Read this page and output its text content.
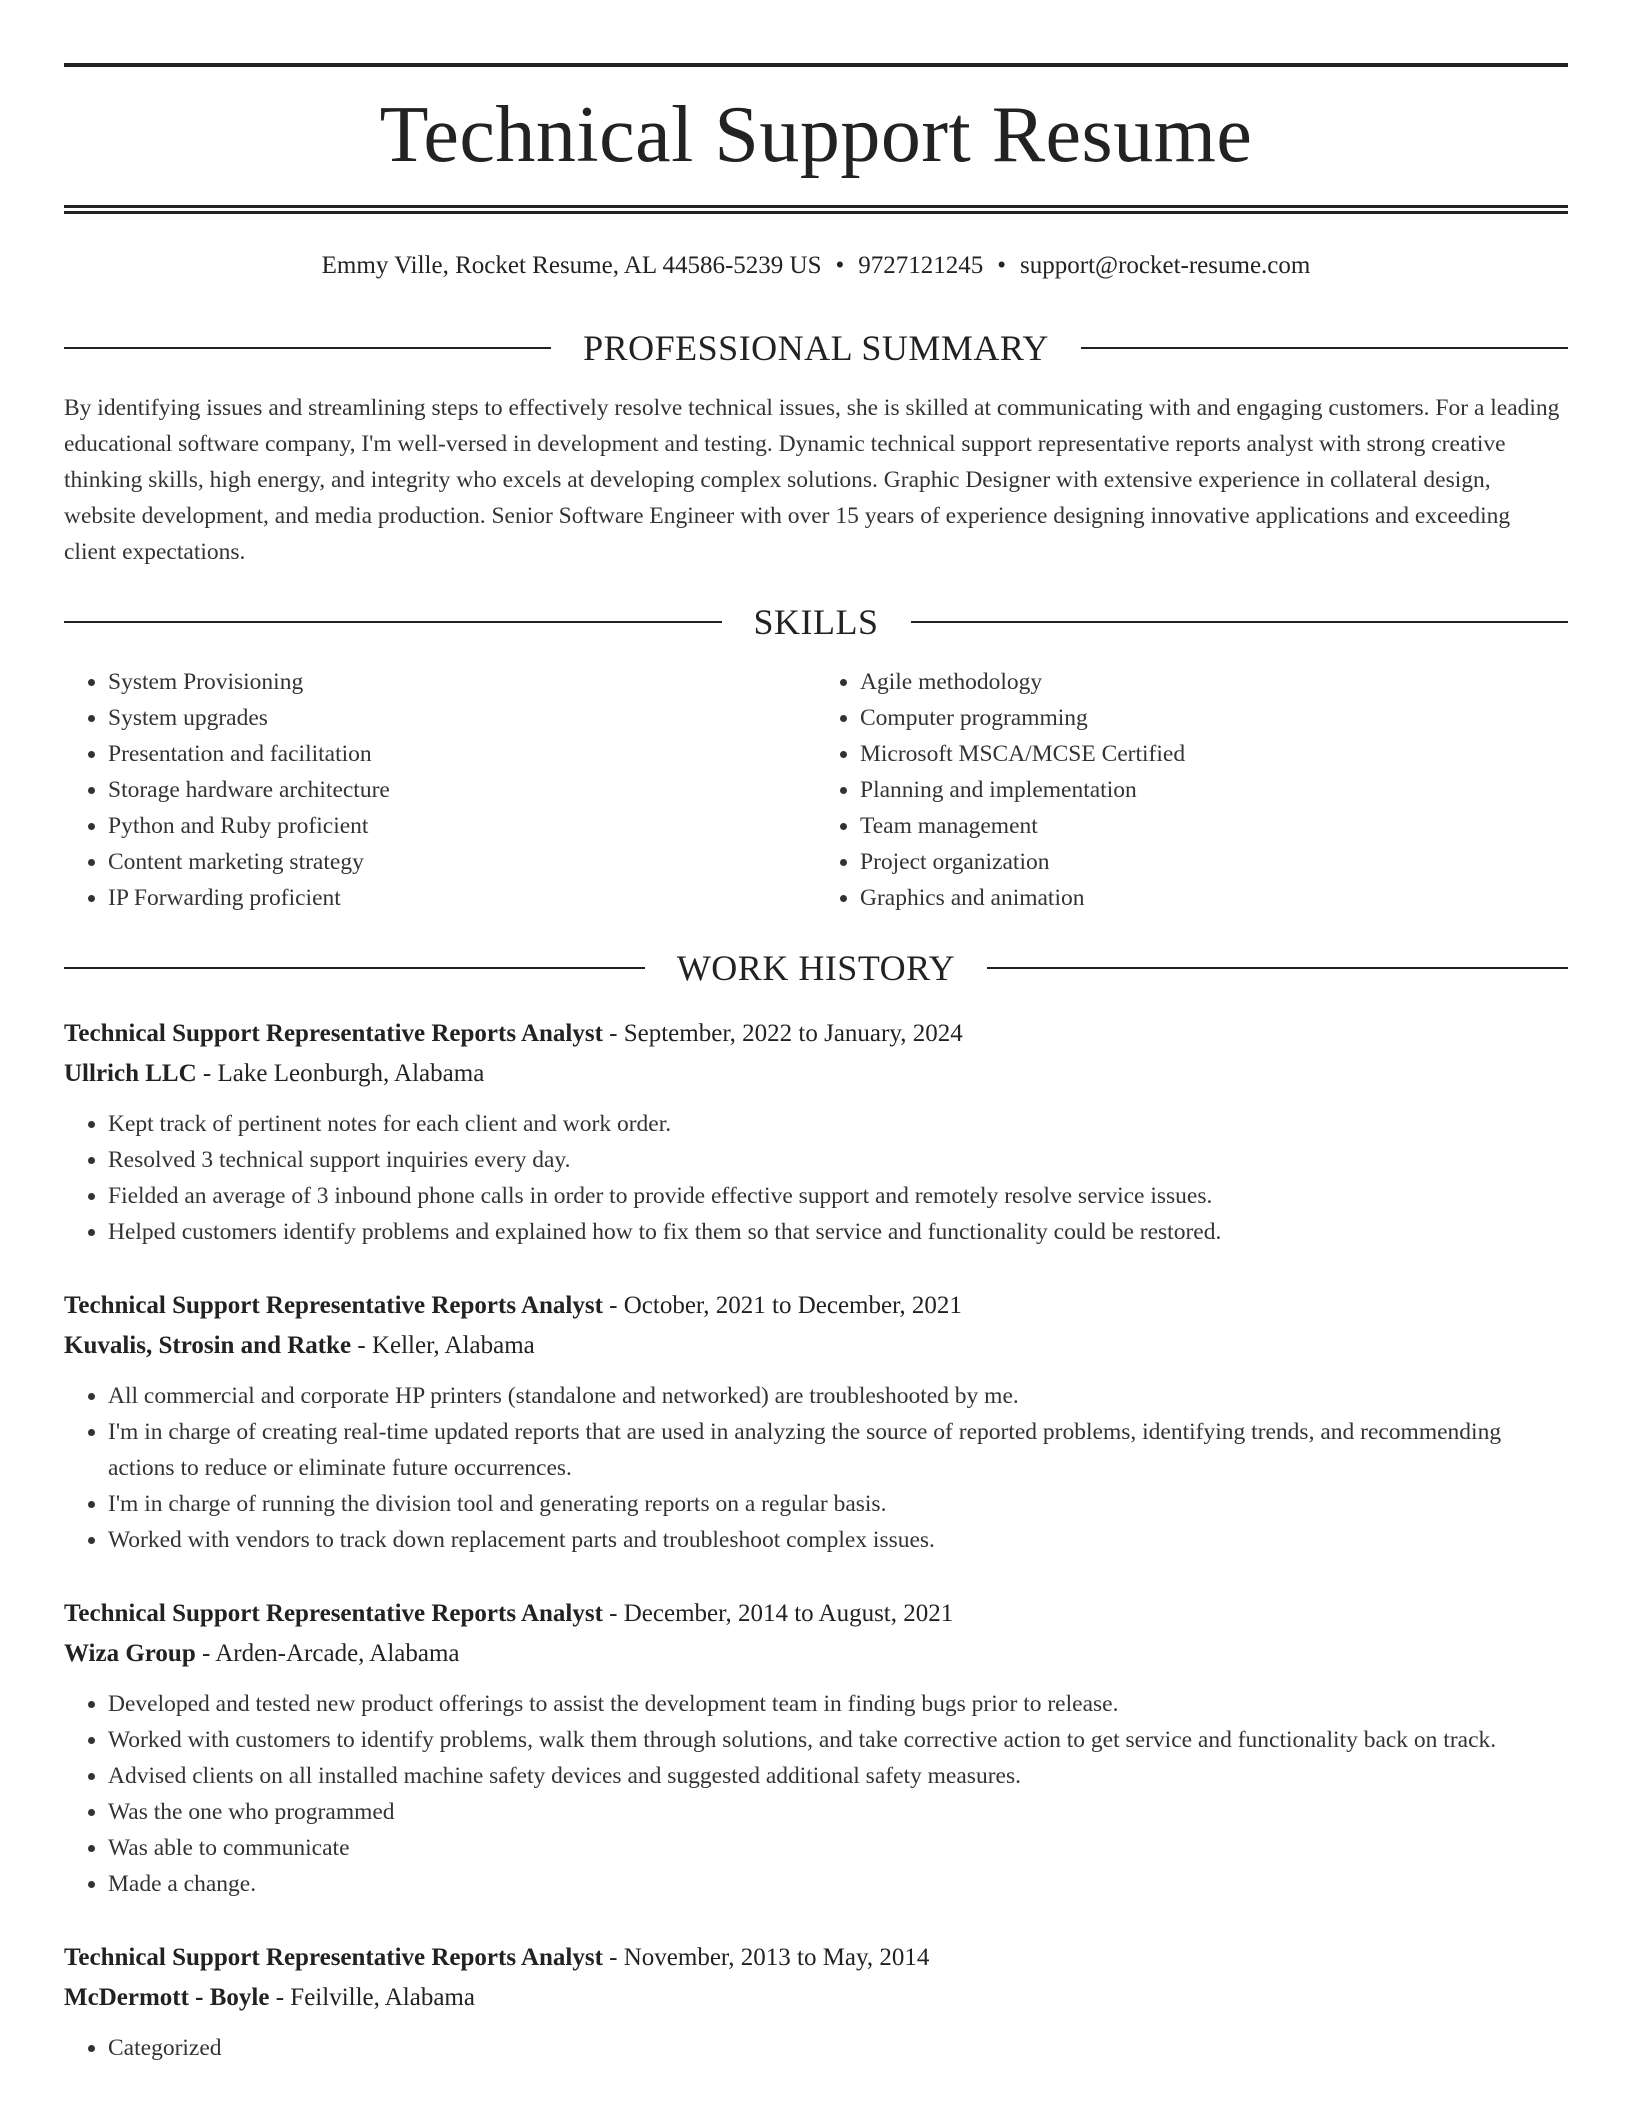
Technical Support Resume
Emmy Ville, Rocket Resume, AL 44586-5239 US • 9727121245 • support@rocket-resume.com
PROFESSIONAL SUMMARY

By identifying issues and streamlining steps to effectively resolve technical issues, she is skilled at communicating with and engaging customers. For a leading educational software company, I'm well-versed in development and testing. Dynamic technical support representative reports analyst with strong creative thinking skills, high energy, and integrity who excels at developing complex solutions. Graphic Designer with extensive experience in collateral design, website development, and media production. Senior Software Engineer with over 15 years of experience designing innovative applications and exceeding client expectations.

SKILLS
• System Provisioning
• System upgrades
• Presentation and facilitation
• Storage hardware architecture
• Python and Ruby proficient
• Content marketing strategy
• IP Forwarding proficient
• Agile methodology
• Computer programming
• Microsoft MSCA/MCSE Certified
• Planning and implementation
• Team management
• Project organization
• Graphics and animation
WORK HISTORY
Technical Support Representative Reports Analyst - September, 2022 to January, 2024
Ullrich LLC - Lake Leonburgh, Alabama
• Kept track of pertinent notes for each client and work order.
• Resolved 3 technical support inquiries every day.
• Fielded an average of 3 inbound phone calls in order to provide effective support and remotely resolve service issues.
• Helped customers identify problems and explained how to fix them so that service and functionality could be restored.
Technical Support Representative Reports Analyst - October, 2021 to December, 2021
Kuvalis, Strosin and Ratke - Keller, Alabama
• All commercial and corporate HP printers (standalone and networked) are troubleshooted by me.
• I'm in charge of creating real-time updated reports that are used in analyzing the source of reported problems, identifying trends, and recommending actions to reduce or eliminate future occurrences.
• I'm in charge of running the division tool and generating reports on a regular basis.
• Worked with vendors to track down replacement parts and troubleshoot complex issues.
Technical Support Representative Reports Analyst - December, 2014 to August, 2021
Wiza Group - Arden-Arcade, Alabama
• Developed and tested new product offerings to assist the development team in finding bugs prior to release.
• Worked with customers to identify problems, walk them through solutions, and take corrective action to get service and functionality back on track.
• Advised clients on all installed machine safety devices and suggested additional safety measures.
• Was the one who programmed
• Was able to communicate
• Made a change.
Technical Support Representative Reports Analyst - November, 2013 to May, 2014
McDermott - Boyle - Feilville, Alabama
• Categorized
